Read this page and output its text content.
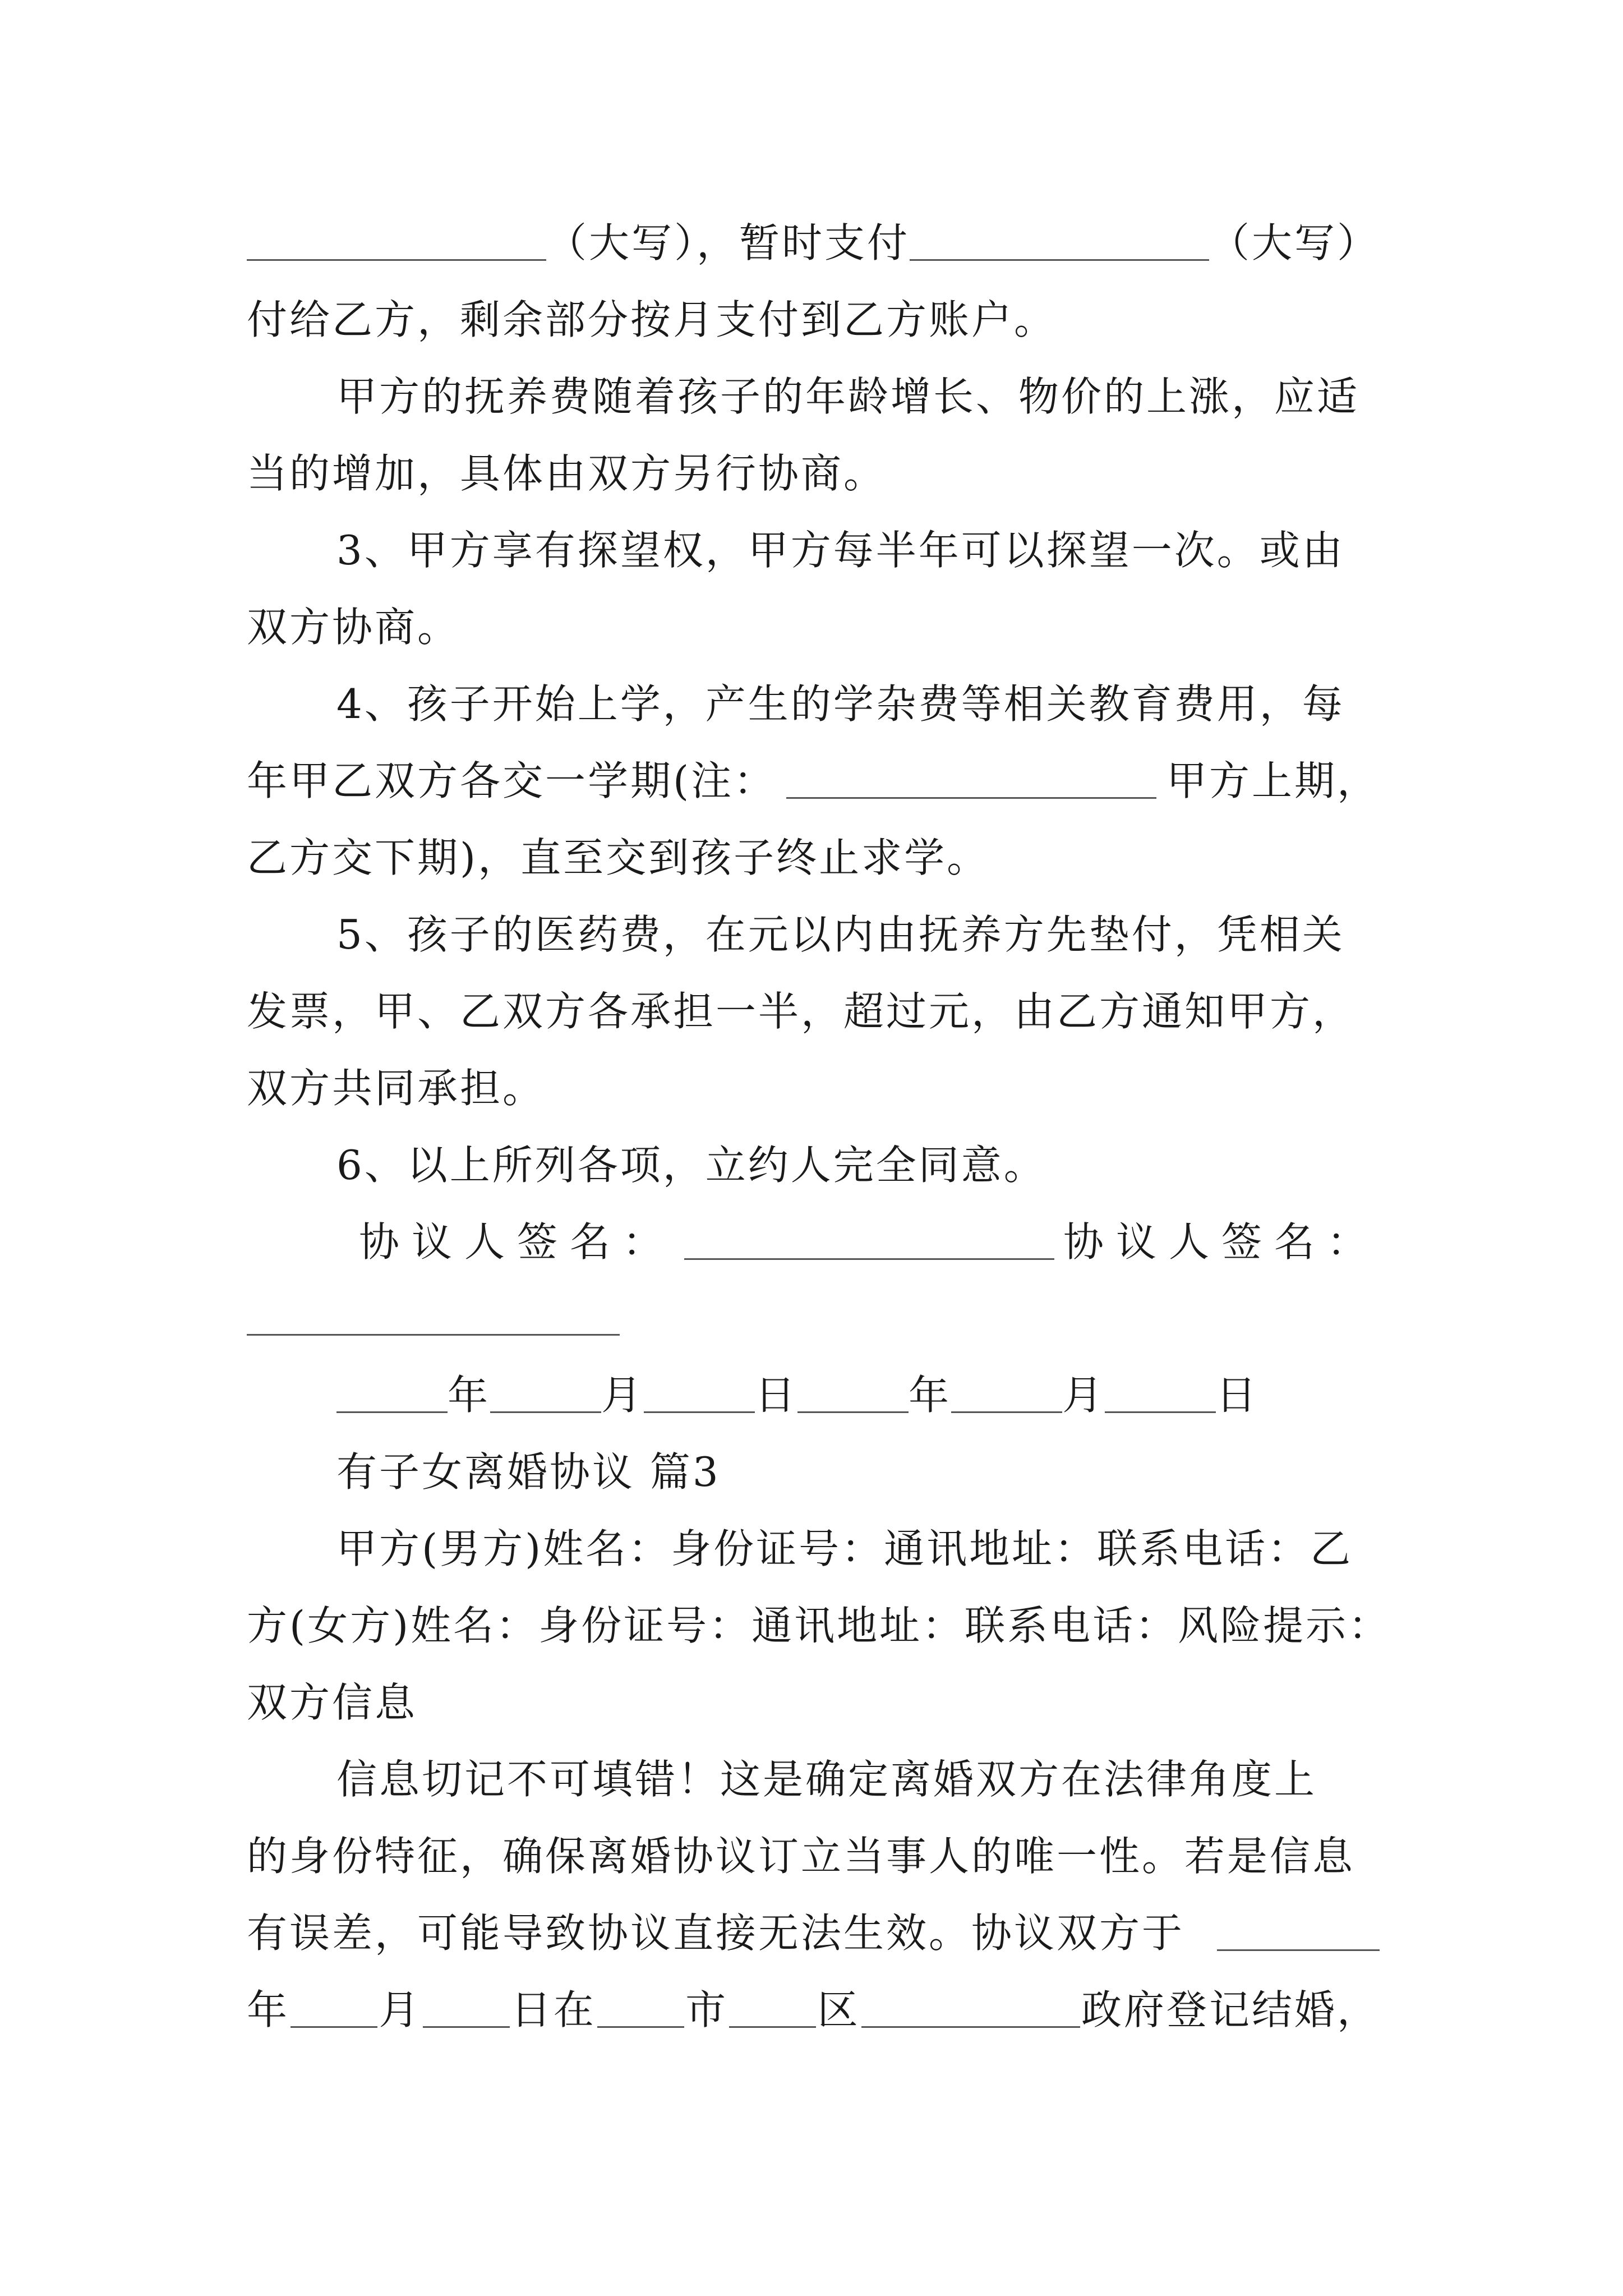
（大写），暂时支付	（大写）
付给乙方，剩余部分按月支付到乙方账户。
甲方的抚养费随着孩子的年龄增长、物价的上涨，应适
当的增加，具体由双方另行协商。
3、甲方享有探望权，甲方每半年可以探望一次。或由
双方协商。
4、孩子开始上学，产生的学杂费等相关教育费用，每
年甲乙双方各交一学期(注：	甲方上期，
乙方交下期)，直至交到孩子终止求学。
5、孩子的医药费，在元以内由抚养方先垫付，凭相关
发票，甲、乙双方各承担一半，超过元，由乙方通知甲方，
双方共同承担。
6、以上所列各项，立约人完全同意。
协议人签名：	协议人签名：
年	月	日	年	月	日
有子女离婚协议 篇3
甲方(男方)姓名：身份证号：通讯地址：联系电话：乙
方(女方)姓名：身份证号：通讯地址：联系电话：风险提示：
双方信息
信息切记不可填错！这是确定离婚双方在法律角度上
的身份特征，确保离婚协议订立当事人的唯一性。若是信息
有误差，可能导致协议直接无法生效。协议双方于
年 月 日在 市 区	政府登记结婚，
